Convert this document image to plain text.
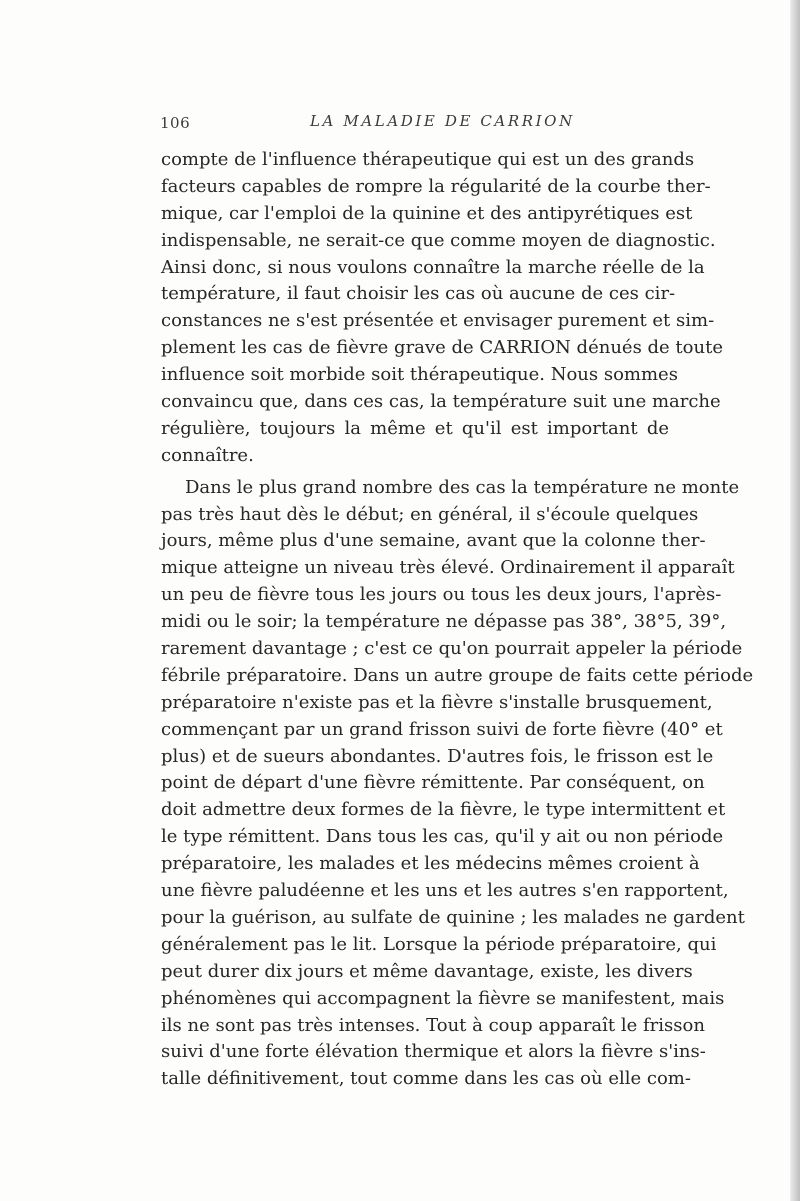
106	LA MALADIE DE CARRION
compte de l'influence thérapeutique qui est un des grands
facteurs capables de rompre la régularité de la courbe ther-
mique, car l'emploi de la quinine et des antipyrétiques est
indispensable, ne serait-ce que comme moyen de diagnostic.
Ainsi donc, si nous voulons connaître la marche réelle de la
température, il faut choisir les cas où aucune de ces cir-
constances ne s'est présentée et envisager purement et sim-
plement les cas de fièvre grave de CARRION dénués de toute
influence soit morbide soit thérapeutique. Nous sommes
convaincu que, dans ces cas, la température suit une marche
régulière, toujours la même et qu'il est important de
connaître.
Dans le plus grand nombre des cas la température ne monte
pas très haut dès le début; en général, il s'écoule quelques
jours, même plus d'une semaine, avant que la colonne ther-
mique atteigne un niveau très élevé. Ordinairement il apparaît
un peu de fièvre tous les jours ou tous les deux jours, l'après-
midi ou le soir; la température ne dépasse pas 38°, 38°5, 39°,
rarement davantage ; c'est ce qu'on pourrait appeler la période
fébrile préparatoire. Dans un autre groupe de faits cette période
préparatoire n'existe pas et la fièvre s'installe brusquement,
commençant par un grand frisson suivi de forte fièvre (40° et
plus) et de sueurs abondantes. D'autres fois, le frisson est le
point de départ d'une fièvre rémittente. Par conséquent, on
doit admettre deux formes de la fièvre, le type intermittent et
le type rémittent. Dans tous les cas, qu'il y ait ou non période
préparatoire, les malades et les médecins mêmes croient à
une fièvre paludéenne et les uns et les autres s'en rapportent,
pour la guérison, au sulfate de quinine ; les malades ne gardent
généralement pas le lit. Lorsque la période préparatoire, qui
peut durer dix jours et même davantage, existe, les divers
phénomènes qui accompagnent la fièvre se manifestent, mais
ils ne sont pas très intenses. Tout à coup apparaît le frisson
suivi d'une forte élévation thermique et alors la fièvre s'ins-
talle définitivement, tout comme dans les cas où elle com-
